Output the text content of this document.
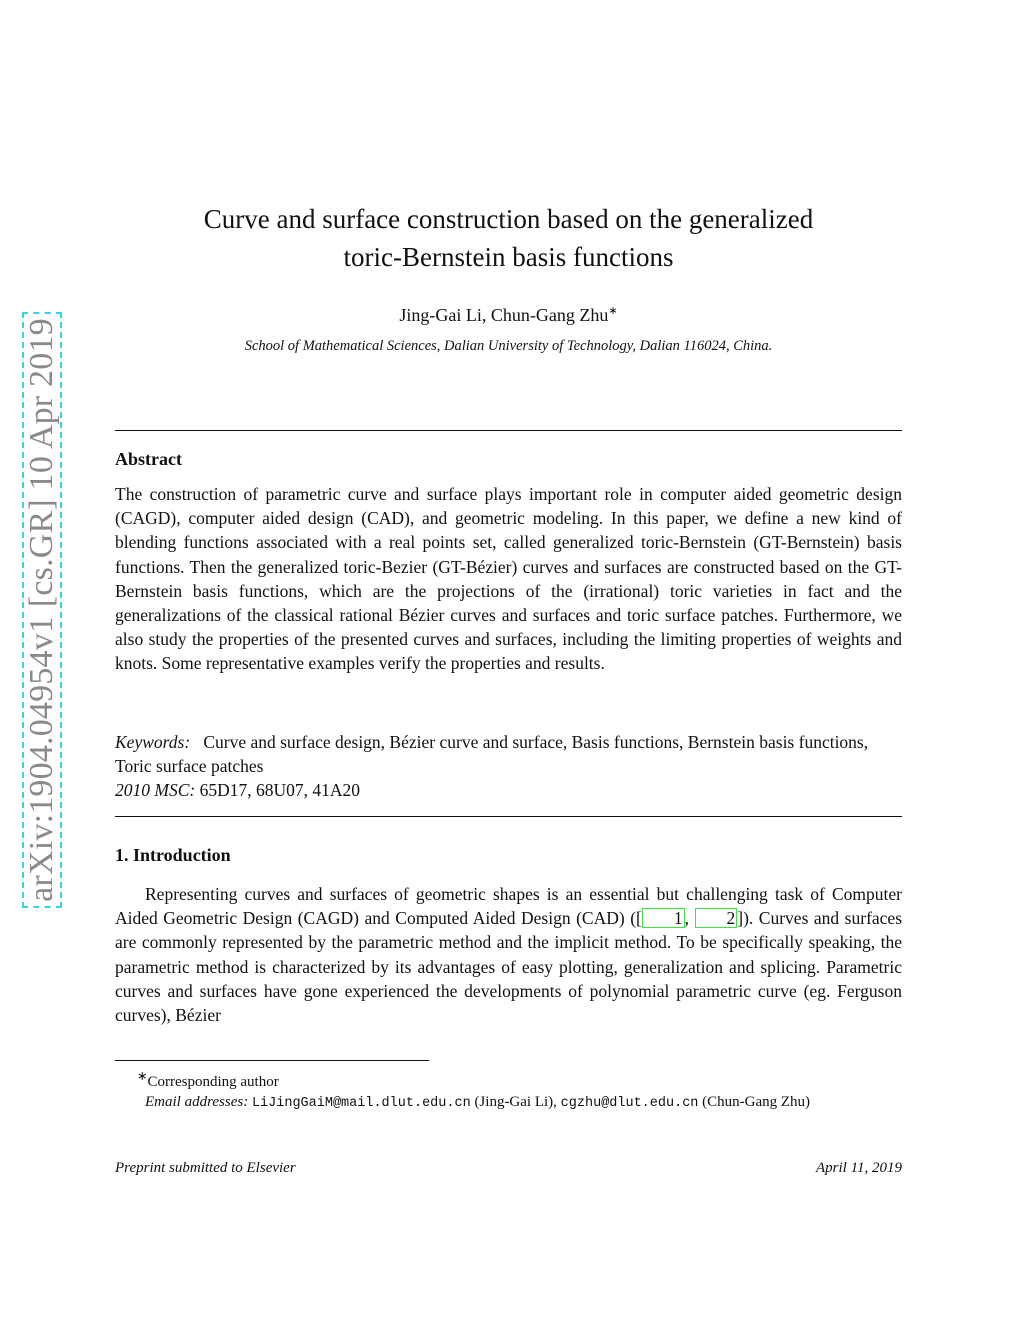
arXiv:1904.04954v1 [cs.GR] 10 Apr 2019
Curve and surface construction based on the generalized
toric-Bernstein basis functions
Jing-Gai Li, Chun-Gang Zhu∗
School of Mathematical Sciences, Dalian University of Technology, Dalian 116024, China.
Abstract
The construction of parametric curve and surface plays important role in computer aided geometric design (CAGD), computer aided design (CAD), and geometric modeling. In this paper, we define a new kind of blending functions associated with a real points set, called generalized toric-Bernstein (GT-Bernstein) basis functions. Then the generalized toric-Bezier (GT-Bézier) curves and surfaces are constructed based on the GT-Bernstein basis functions, which are the projections of the (irrational) toric varieties in fact and the generalizations of the classical rational Bézier curves and surfaces and toric surface patches. Furthermore, we also study the properties of the presented curves and surfaces, including the limiting properties of weights and knots. Some representative examples verify the properties and results.
Keywords: Curve and surface design, Bézier curve and surface, Basis functions, Bernstein basis functions, Toric surface patches
2010 MSC: 65D17, 68U07, 41A20
1. Introduction
Representing curves and surfaces of geometric shapes is an essential but challenging task of Computer Aided Geometric Design (CAGD) and Computed Aided Design (CAD) ([ 1 , 2 ]). Curves and surfaces are commonly represented by the parametric method and the implicit method. To be specifically speaking, the parametric method is characterized by its advantages of easy plotting, generalization and splicing. Parametric curves and surfaces have gone experienced the developments of polynomial parametric curve (eg. Ferguson curves), Bézier
∗Corresponding author
Email addresses: LiJingGaiM@mail.dlut.edu.cn (Jing-Gai Li), cgzhu@dlut.edu.cn (Chun-Gang Zhu)
Preprint submitted to Elsevier	April 11, 2019
